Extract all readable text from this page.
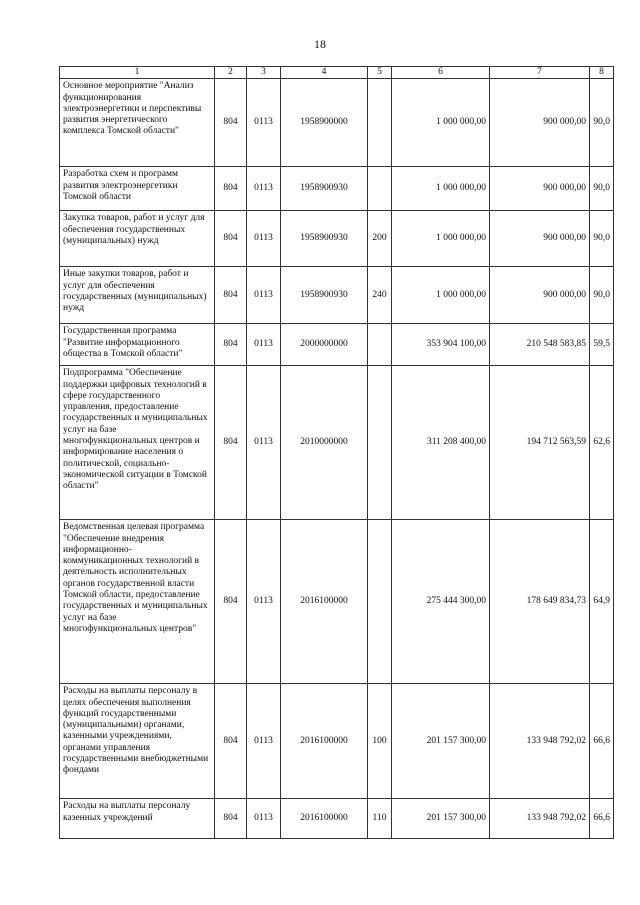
18
1	2	3	4	5	6	7	8
Основное мероприятие "Анализ функционирования электроэнергетики и перспективы развития энергетического комплекса Томской области"	804	0113	1958900000		1 000 000,00	900 000,00	90,0
Разработка схем и программ развития электроэнергетики Томской области	804	0113	1958900930		1 000 000,00	900 000,00	90,0
Закупка товаров, работ и услуг для обеспечения государственных (муниципальных) нужд	804	0113	1958900930	200	1 000 000,00	900 000,00	90,0
Иные закупки товаров, работ и услуг для обеспечения государственных (муниципальных) нужд	804	0113	1958900930	240	1 000 000,00	900 000,00	90,0
Государственная программа "Развитие информационного общества в Томской области"	804	0113	2000000000		353 904 100,00	210 548 583,85	59,5
Подпрограмма "Обеспечение поддержки цифровых технологий в сфере государственного управления, предоставление государственных и муниципальных услуг на базе многофункциональных центров и информирование населения о политической, социально-экономической ситуации в Томской области"	804	0113	2010000000		311 208 400,00	194 712 563,59	62,6
Ведомственная целевая программа "Обеспечение внедрения информационно-коммуникационных технологий в деятельность исполнительных органов государственной власти Томской области, предоставление государственных и муниципальных услуг на базе многофункциональных центров"	804	0113	2016100000		275 444 300,00	178 649 834,73	64,9
Расходы на выплаты персоналу в целях обеспечения выполнения функций государственными (муниципальными) органами, казенными учреждениями, органами управления государственными внебюджетными фондами	804	0113	2016100000	100	201 157 300,00	133 948 792,02	66,6
Расходы на выплаты персоналу казенных учреждений	804	0113	2016100000	110	201 157 300,00	133 948 792,02	66,6
